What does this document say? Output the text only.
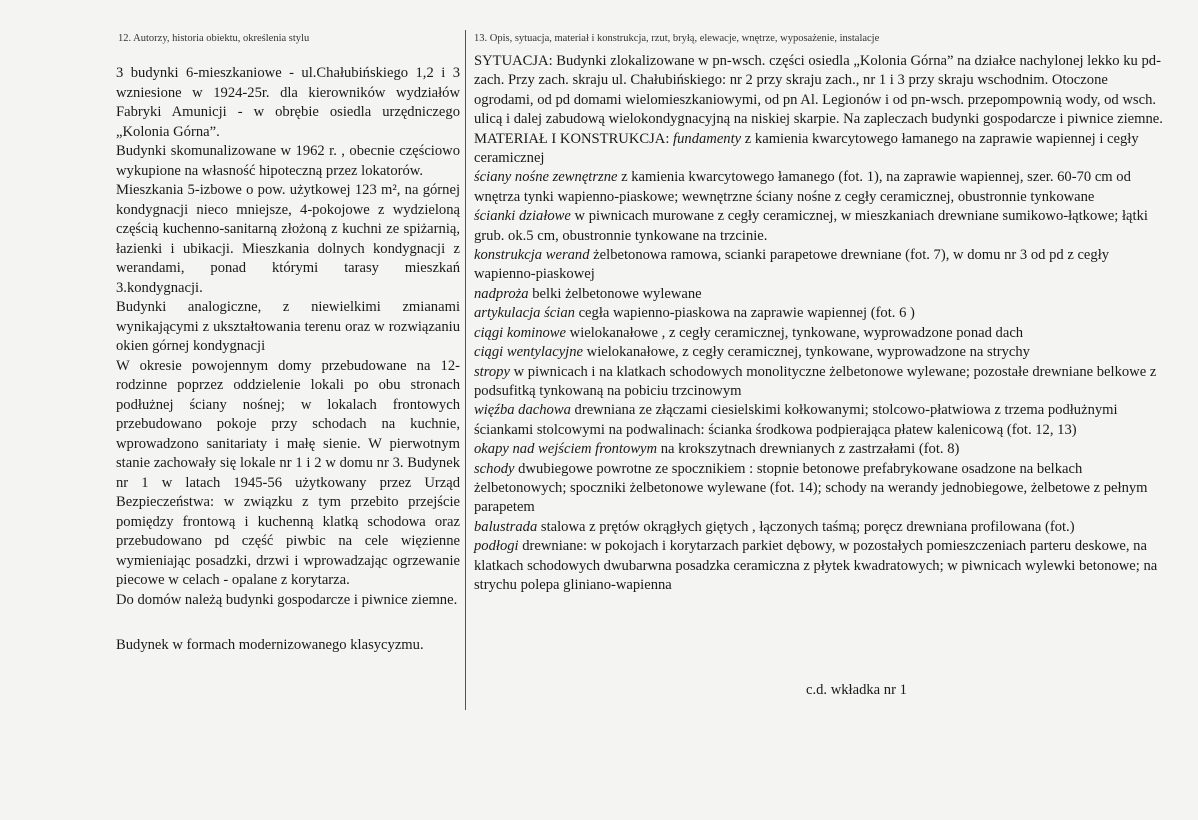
12. Autorzy, historia obiektu, określenia stylu	13. Opis, sytuacja, materiał i konstrukcja, rzut, bryłą, elewacje, wnętrze, wyposażenie, instalacje

3 budynki 6-mieszkaniowe - ul.Chałubińskiego 1,2 i 3 wzniesione w 1924-25r. dla kierowników wydziałów Fabryki Amunicji - w obrębie osiedla urzędniczego „Kolonia Górna”.

Budynki skomunalizowane w 1962 r. , obecnie częściowo wykupione na własność hipoteczną przez lokatorów.

Mieszkania 5-izbowe o pow. użytkowej 123 m², na górnej kondygnacji nieco mniejsze, 4-pokojowe z wydzieloną częścią kuchenno-sanitarną złożoną z kuchni ze spiżarnią, łazienki i ubikacji. Mieszkania dolnych kondygnacji z werandami, ponad którymi tarasy mieszkań 3.kondygnacji.

Budynki analogiczne, z niewielkimi zmianami wynikającymi z ukształtowania terenu oraz w rozwiązaniu okien górnej kondygnacji

W okresie powojennym domy przebudowane na 12-rodzinne poprzez oddzielenie lokali po obu stronach podłużnej ściany nośnej; w lokalach frontowych przebudowano pokoje przy schodach na kuchnie, wprowadzono sanitariaty i małę sienie. W pierwotnym stanie zachowały się lokale nr 1 i 2 w domu nr 3. Budynek nr 1 w latach 1945-56 użytkowany przez Urząd Bezpieczeństwa: w związku z tym przebito przejście pomiędzy frontową i kuchenną klatką schodowa oraz przebudowano pd część piwbic na cele więzienne wymieniając posadzki, drzwi i wprowadzając ogrzewanie piecowe w celach - opalane z korytarza.

Do domów należą budynki gospodarcze i piwnice ziemne.

Budynek w formach modernizowanego klasycyzmu.

SYTUACJA: Budynki zlokalizowane w pn-wsch. części osiedla „Kolonia Górna” na działce nachylonej lekko ku pd-zach. Przy zach. skraju ul. Chałubińskiego: nr 2 przy skraju zach., nr 1 i 3 przy skraju wschodnim. Otoczone ogrodami, od pd domami wielomieszkaniowymi, od pn Al. Legionów i od pn-wsch. przepompownią wody, od wsch. ulicą i dalej zabudową wielokondygnacyjną na niskiej skarpie. Na zapleczach budynki gospodarcze i piwnice ziemne.

MATERIAŁ I KONSTRUKCJA: fundamenty z kamienia kwarcytowego łamanego na zaprawie wapiennej i cegły ceramicznej

ściany nośne zewnętrzne z kamienia kwarcytowego łamanego (fot. 1), na zaprawie wapiennej, szer. 60-70 cm od wnętrza tynki wapienno-piaskowe; wewnętrzne ściany nośne z cegły ceramicznej, obustronnie tynkowane

ścianki działowe w piwnicach murowane z cegły ceramicznej, w mieszkaniach drewniane sumikowo-łątkowe; łątki grub. ok.5 cm, obustronnie tynkowane na trzcinie.

konstrukcja werand żelbetonowa ramowa, scianki parapetowe drewniane (fot. 7), w domu nr 3 od pd z cegły wapienno-piaskowej

nadproża belki żelbetonowe wylewane

artykulacja ścian cegła wapienno-piaskowa na zaprawie wapiennej (fot. 6 )

ciągi kominowe wielokanałowe , z cegły ceramicznej, tynkowane, wyprowadzone ponad dach

ciągi wentylacyjne wielokanałowe, z cegły ceramicznej, tynkowane, wyprowadzone na strychy

stropy w piwnicach i na klatkach schodowych monolityczne żelbetonowe wylewane; pozostałe drewniane belkowe z podsufitką tynkowaną na pobiciu trzcinowym

więźba dachowa drewniana ze złączami ciesielskimi kołkowanymi; stolcowo-płatwiowa z trzema podłużnymi ściankami stolcowymi na podwalinach: ścianka środkowa podpierająca płatew kalenicową (fot. 12, 13)

okapy nad wejściem frontowym na krokszytnach drewnianych z zastrzałami (fot. 8)

schody dwubiegowe powrotne ze spocznikiem : stopnie betonowe prefabrykowane osadzone na belkach żelbetonowych; spoczniki żelbetonowe wylewane (fot. 14); schody na werandy jednobiegowe, żelbetowe z pełnym parapetem

balustrada stalowa z prętów okrągłych giętych , łączonych taśmą; poręcz drewniana profilowana (fot.)

podłogi drewniane: w pokojach i korytarzach parkiet dębowy, w pozostałych pomieszczeniach parteru deskowe, na klatkach schodowych dwubarwna posadzka ceramiczna z płytek kwadratowych; w piwnicach wylewki betonowe; na strychu polepa gliniano-wapienna

c.d. wkładka nr 1
